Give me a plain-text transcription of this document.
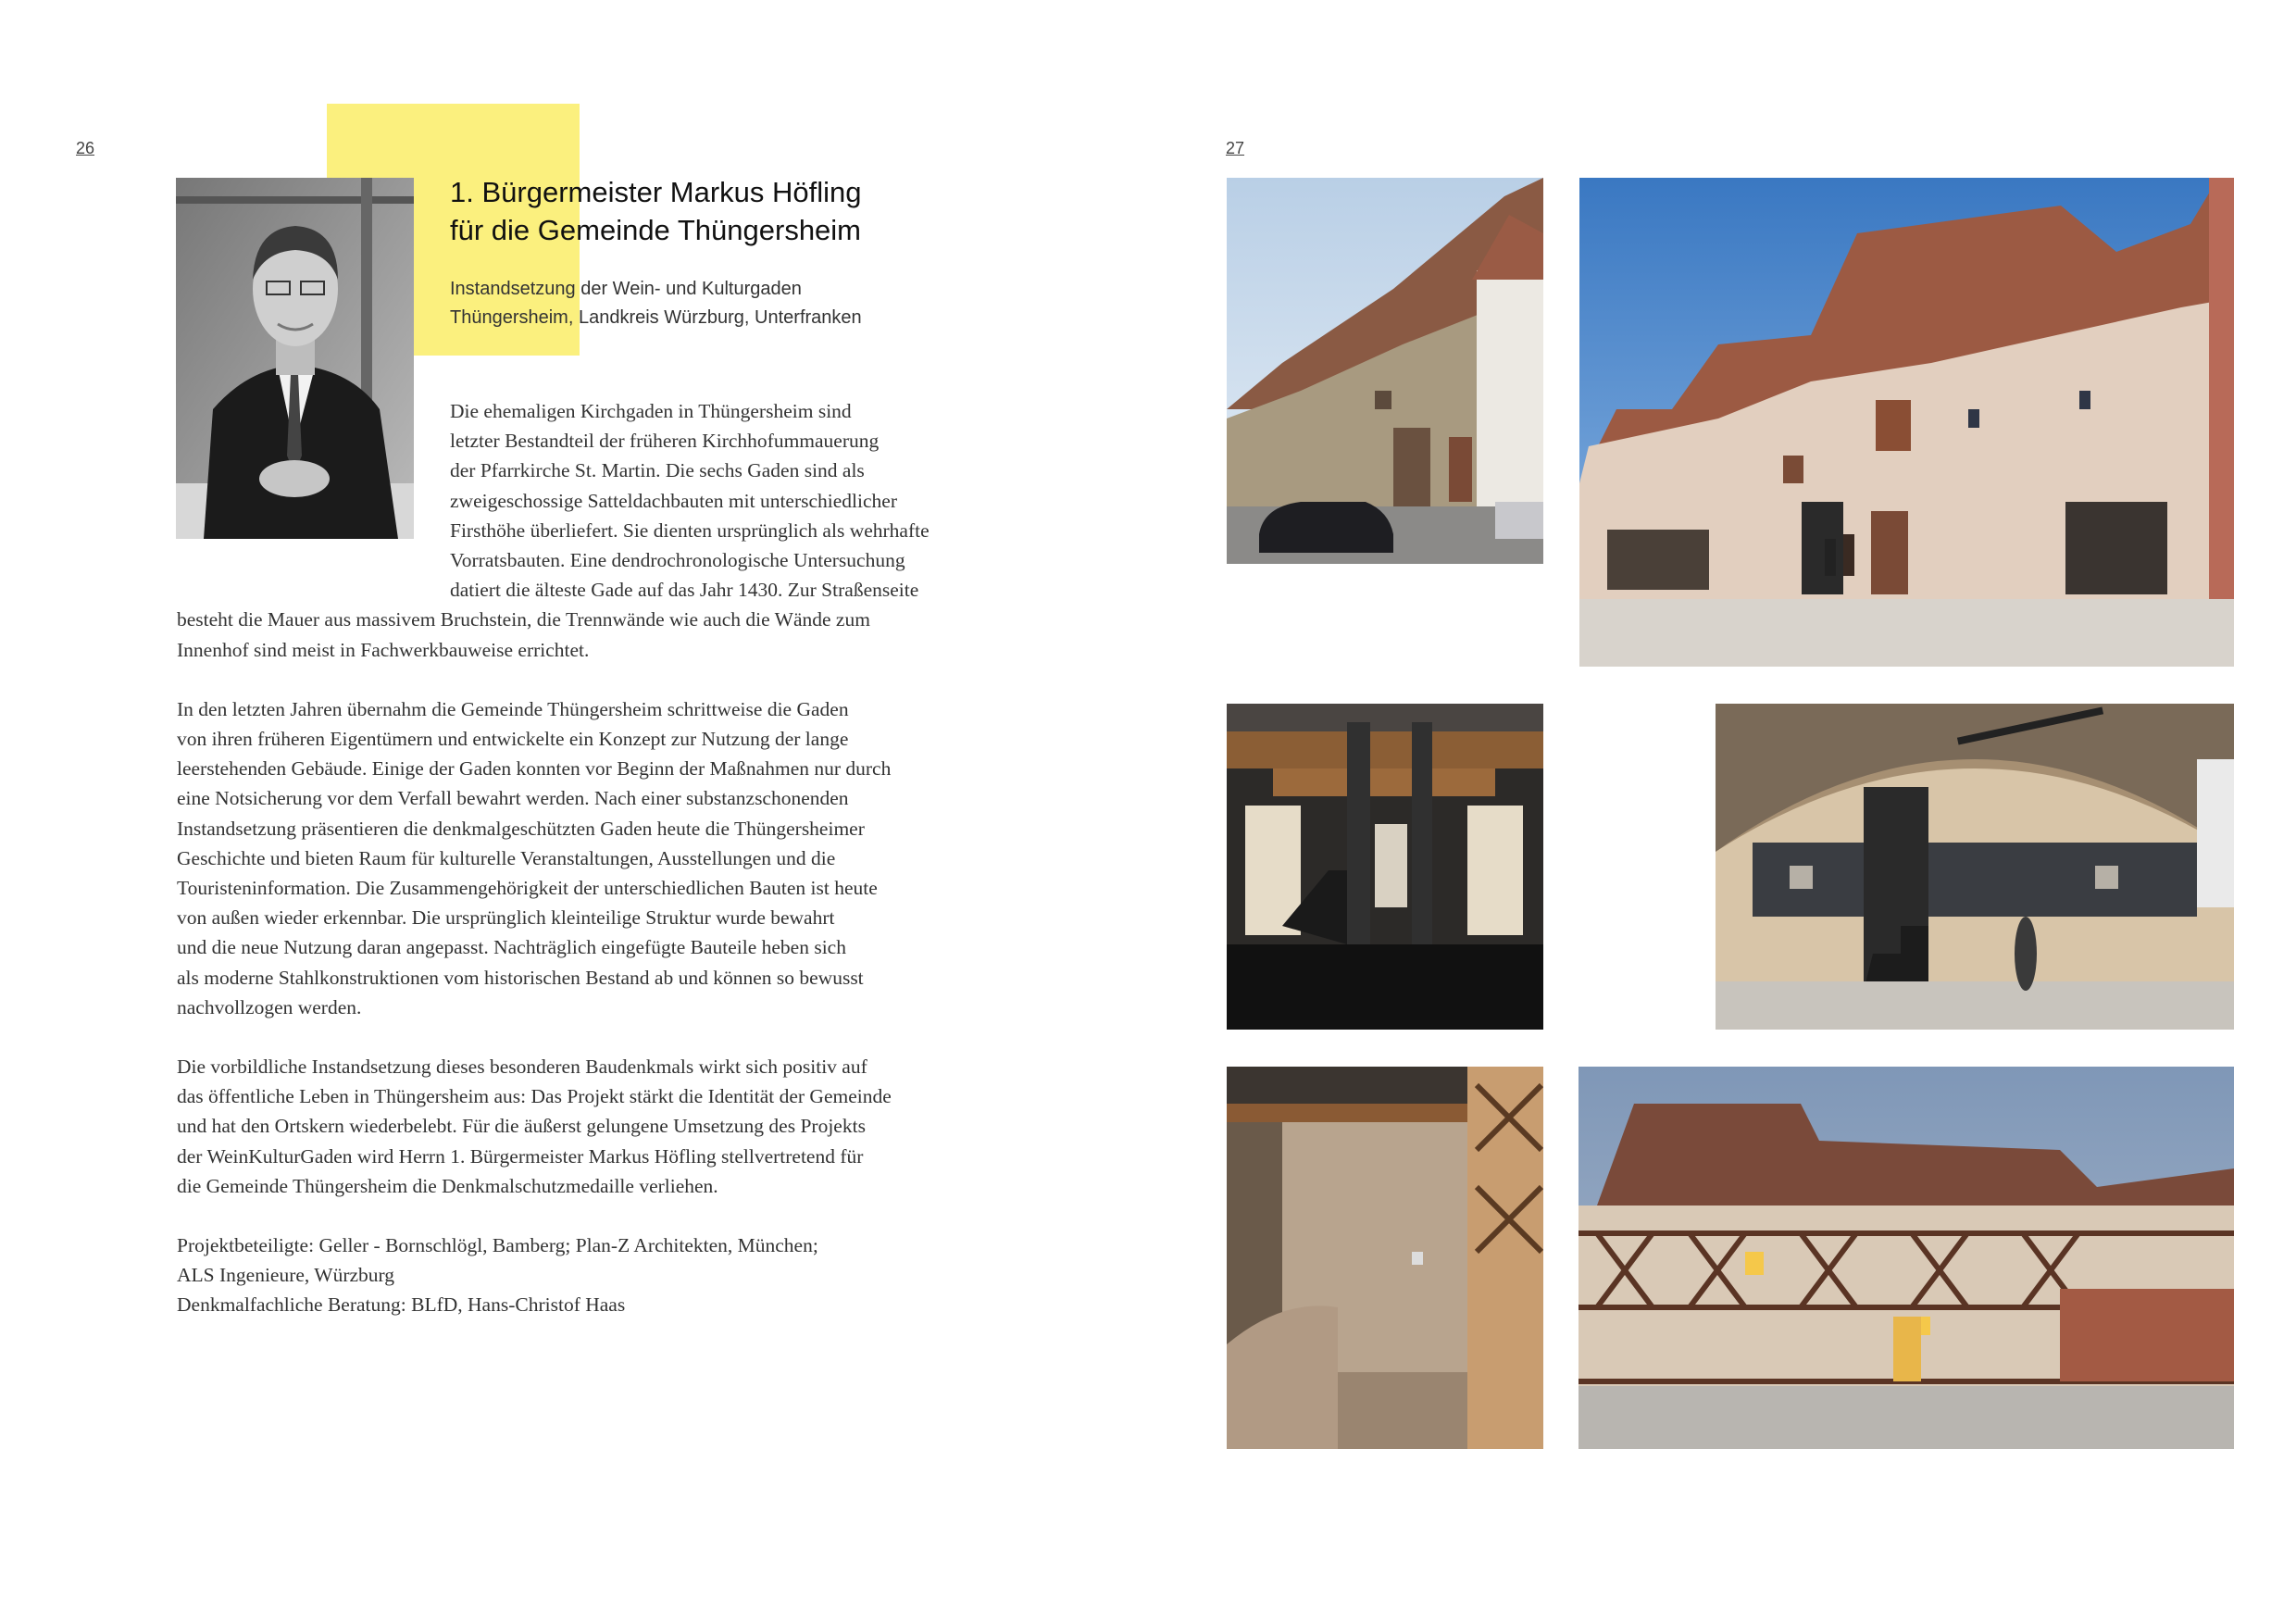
26
1. Bürgermeister Markus Höfling
für die Gemeinde Thüngersheim
Instandsetzung der Wein- und Kulturgaden
Thüngersheim, Landkreis Würzburg, Unterfranken

Die ehemaligen Kirchgaden in Thüngersheim sind

letzter Bestandteil der früheren Kirchhofummauerung

der Pfarrkirche St. Martin. Die sechs Gaden sind als

zweigeschossige Satteldachbauten mit unterschiedlicher

Firsthöhe überliefert. Sie dienten ursprünglich als wehrhafte

Vorratsbauten. Eine dendrochronologische Untersuchung

datiert die älteste Gade auf das Jahr 1430. Zur Straßenseite

besteht die Mauer aus massivem Bruchstein, die Trennwände wie auch die Wände zum

Innenhof sind meist in Fachwerkbauweise errichtet.

In den letzten Jahren übernahm die Gemeinde Thüngersheim schrittweise die Gaden

von ihren früheren Eigentümern und entwickelte ein Konzept zur Nutzung der lange

leerstehenden Gebäude. Einige der Gaden konnten vor Beginn der Maßnahmen nur durch

eine Notsicherung vor dem Verfall bewahrt werden. Nach einer substanzschonenden

Instandsetzung präsentieren die denkmalgeschützten Gaden heute die Thüngersheimer

Geschichte und bieten Raum für kulturelle Veranstaltungen, Ausstellungen und die

Touristeninformation. Die Zusammengehörigkeit der unterschiedlichen Bauten ist heute

von außen wieder erkennbar. Die ursprünglich kleinteilige Struktur wurde bewahrt

und die neue Nutzung daran angepasst. Nachträglich eingefügte Bauteile heben sich

als moderne Stahlkonstruktionen vom historischen Bestand ab und können so bewusst

nachvollzogen werden.

Die vorbildliche Instandsetzung dieses besonderen Baudenkmals wirkt sich positiv auf

das öffentliche Leben in Thüngersheim aus: Das Projekt stärkt die Identität der Gemeinde

und hat den Ortskern wiederbelebt. Für die äußerst gelungene Umsetzung des Projekts

der WeinKulturGaden wird Herrn 1. Bürgermeister Markus Höfling stellvertretend für

die Gemeinde Thüngersheim die Denkmalschutzmedaille verliehen.

Projektbeteiligte: Geller - Bornschlögl, Bamberg; Plan-Z Architekten, München;

ALS Ingenieure, Würzburg

Denkmalfachliche Beratung: BLfD, Hans-Christof Haas

27
